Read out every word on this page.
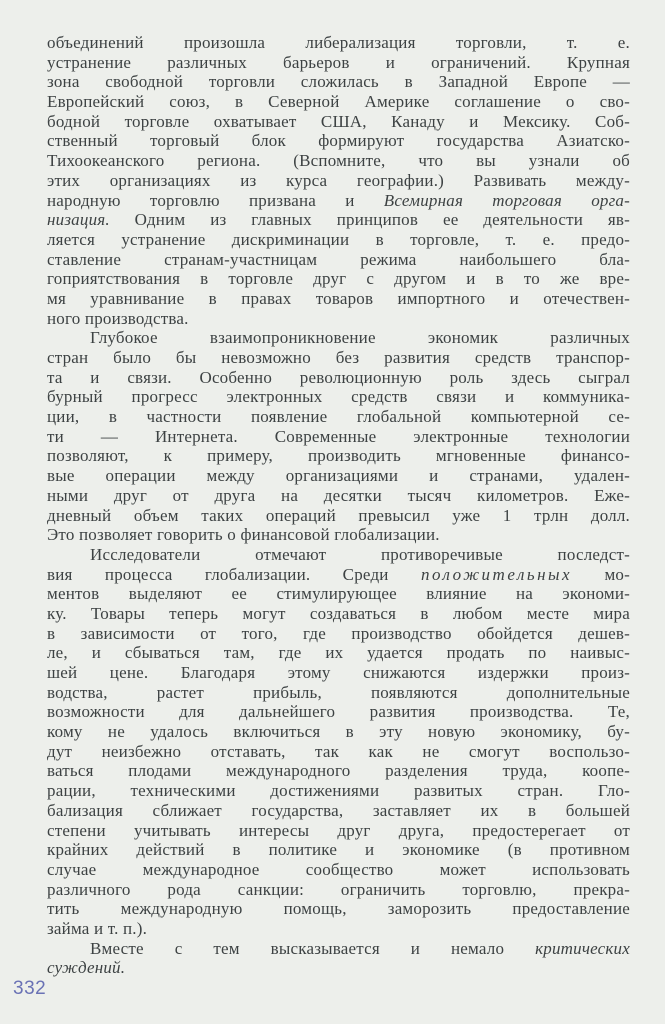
объединений произошла либерализация торговли, т. е.
устранение различных барьеров и ограничений. Крупная
зона свободной торговли сложилась в Западной Европе —
Европейский союз, в Северной Америке соглашение о сво-
бодной торговле охватывает США, Канаду и Мексику. Соб-
ственный торговый блок формируют государства Азиатско-
Тихоокеанского региона. (Вспомните, что вы узнали об
этих организациях из курса географии.) Развивать между-
народную торговлю призвана и Всемирная торговая орга-
низация. Одним из главных принципов ее деятельности яв-
ляется устранение дискриминации в торговле, т. е. предо-
ставление странам-участницам режима наибольшего бла-
гоприятствования в торговле друг с другом и в то же вре-
мя уравнивание в правах товаров импортного и отечествен-
ного производства.
Глубокое взаимопроникновение экономик различных
стран было бы невозможно без развития средств транспор-
та и связи. Особенно революционную роль здесь сыграл
бурный прогресс электронных средств связи и коммуника-
ции, в частности появление глобальной компьютерной се-
ти — Интернета. Современные электронные технологии
позволяют, к примеру, производить мгновенные финансо-
вые операции между организациями и странами, удален-
ными друг от друга на десятки тысяч километров. Еже-
дневный объем таких операций превысил уже 1 трлн долл.
Это позволяет говорить о финансовой глобализации.
Исследователи отмечают противоречивые последст-
вия процесса глобализации. Среди положительных мо-
ментов выделяют ее стимулирующее влияние на экономи-
ку. Товары теперь могут создаваться в любом месте мира
в зависимости от того, где производство обойдется дешев-
ле, и сбываться там, где их удается продать по наивыс-
шей цене. Благодаря этому снижаются издержки произ-
водства, растет прибыль, появляются дополнительные
возможности для дальнейшего развития производства. Те,
кому не удалось включиться в эту новую экономику, бу-
дут неизбежно отставать, так как не смогут воспользо-
ваться плодами международного разделения труда, коопе-
рации, техническими достижениями развитых стран. Гло-
бализация сближает государства, заставляет их в большей
степени учитывать интересы друг друга, предостерегает от
крайних действий в политике и экономике (в противном
случае международное сообщество может использовать
различного рода санкции: ограничить торговлю, прекра-
тить международную помощь, заморозить предоставление
займа и т. п.).
Вместе с тем высказывается и немало критических
суждений.
332
